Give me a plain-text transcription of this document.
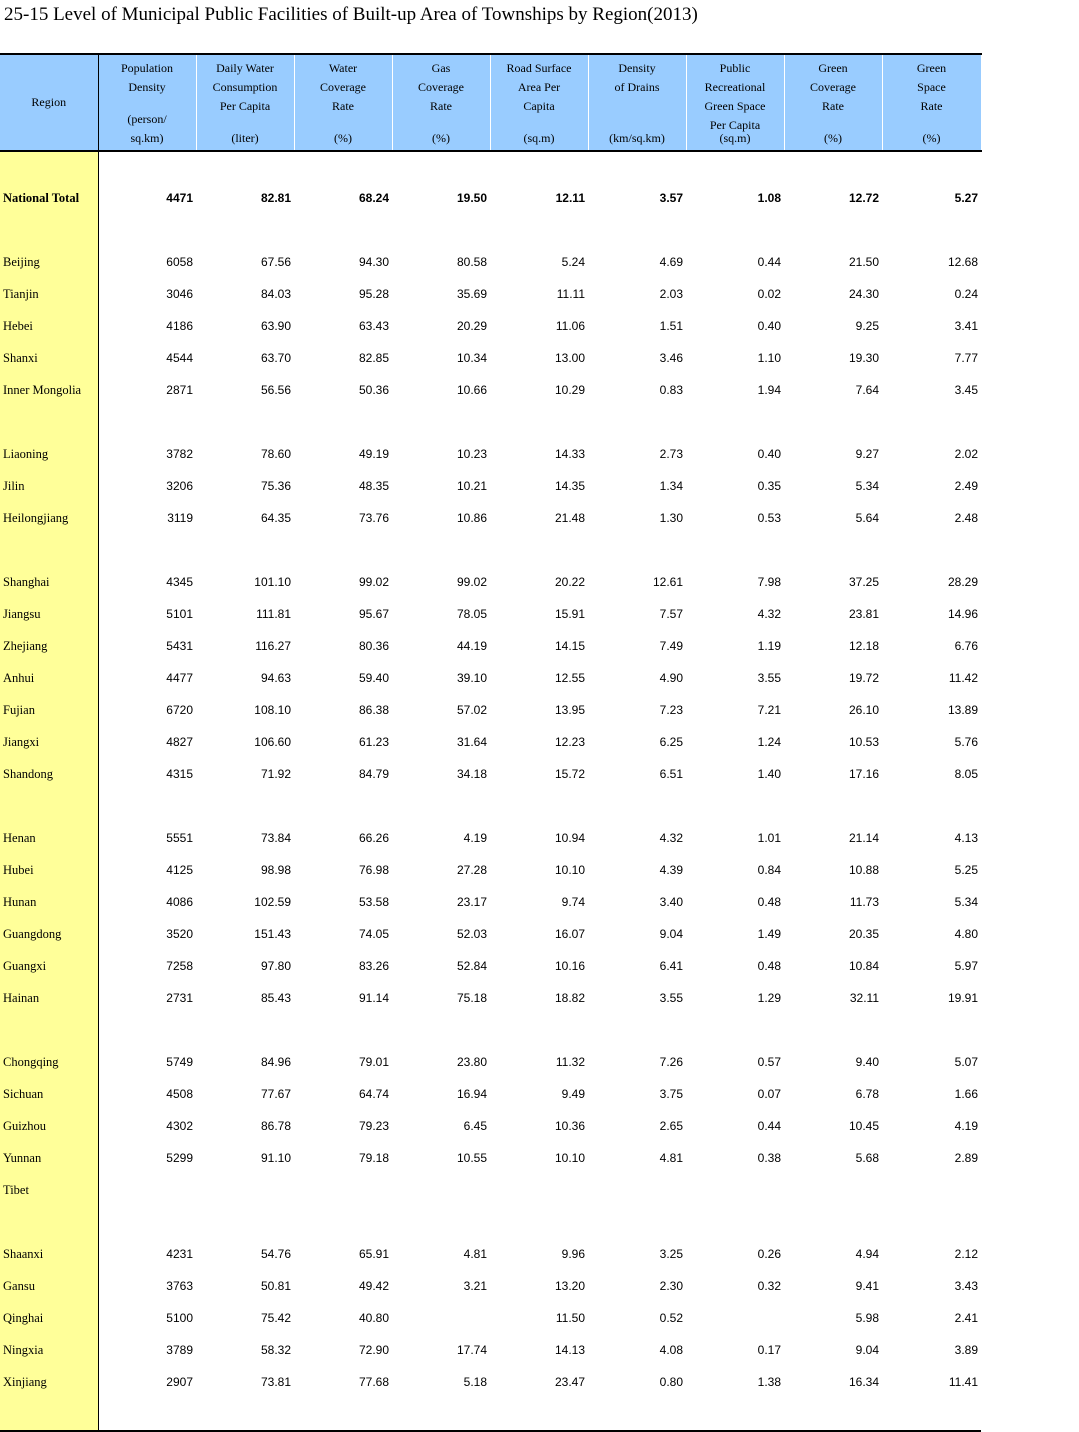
25-15 Level of Municipal Public Facilities of Built-up Area of Townships by Region(2013)
Region	Population
Density
(person/
sq.km)	Daily Water
Consumption
Per Capita
(liter)	Water
Coverage
Rate
(%)	Gas
Coverage
Rate
(%)	Road Surface
Area Per
Capita
(sq.m)	Density
of Drains
(km/sq.km)	Public
Recreational
Green Space
Per Capita
(sq.m)	Green
Coverage
Rate
(%)	Green
Space
Rate
(%)

National Total	4471	82.81	68.24	19.50	12.11	3.57	1.08	12.72	5.27

Beijing	6058	67.56	94.30	80.58	5.24	4.69	0.44	21.50	12.68
Tianjin	3046	84.03	95.28	35.69	11.11	2.03	0.02	24.30	0.24
Hebei	4186	63.90	63.43	20.29	11.06	1.51	0.40	9.25	3.41
Shanxi	4544	63.70	82.85	10.34	13.00	3.46	1.10	19.30	7.77
Inner Mongolia	2871	56.56	50.36	10.66	10.29	0.83	1.94	7.64	3.45

Liaoning	3782	78.60	49.19	10.23	14.33	2.73	0.40	9.27	2.02
Jilin	3206	75.36	48.35	10.21	14.35	1.34	0.35	5.34	2.49
Heilongjiang	3119	64.35	73.76	10.86	21.48	1.30	0.53	5.64	2.48

Shanghai	4345	101.10	99.02	99.02	20.22	12.61	7.98	37.25	28.29
Jiangsu	5101	111.81	95.67	78.05	15.91	7.57	4.32	23.81	14.96
Zhejiang	5431	116.27	80.36	44.19	14.15	7.49	1.19	12.18	6.76
Anhui	4477	94.63	59.40	39.10	12.55	4.90	3.55	19.72	11.42
Fujian	6720	108.10	86.38	57.02	13.95	7.23	7.21	26.10	13.89
Jiangxi	4827	106.60	61.23	31.64	12.23	6.25	1.24	10.53	5.76
Shandong	4315	71.92	84.79	34.18	15.72	6.51	1.40	17.16	8.05

Henan	5551	73.84	66.26	4.19	10.94	4.32	1.01	21.14	4.13
Hubei	4125	98.98	76.98	27.28	10.10	4.39	0.84	10.88	5.25
Hunan	4086	102.59	53.58	23.17	9.74	3.40	0.48	11.73	5.34
Guangdong	3520	151.43	74.05	52.03	16.07	9.04	1.49	20.35	4.80
Guangxi	7258	97.80	83.26	52.84	10.16	6.41	0.48	10.84	5.97
Hainan	2731	85.43	91.14	75.18	18.82	3.55	1.29	32.11	19.91

Chongqing	5749	84.96	79.01	23.80	11.32	7.26	0.57	9.40	5.07
Sichuan	4508	77.67	64.74	16.94	9.49	3.75	0.07	6.78	1.66
Guizhou	4302	86.78	79.23	6.45	10.36	2.65	0.44	10.45	4.19
Yunnan	5299	91.10	79.18	10.55	10.10	4.81	0.38	5.68	2.89
Tibet									

Shaanxi	4231	54.76	65.91	4.81	9.96	3.25	0.26	4.94	2.12
Gansu	3763	50.81	49.42	3.21	13.20	2.30	0.32	9.41	3.43
Qinghai	5100	75.42	40.80		11.50	0.52		5.98	2.41
Ningxia	3789	58.32	72.90	17.74	14.13	4.08	0.17	9.04	3.89
Xinjiang	2907	73.81	77.68	5.18	23.47	0.80	1.38	16.34	11.41
